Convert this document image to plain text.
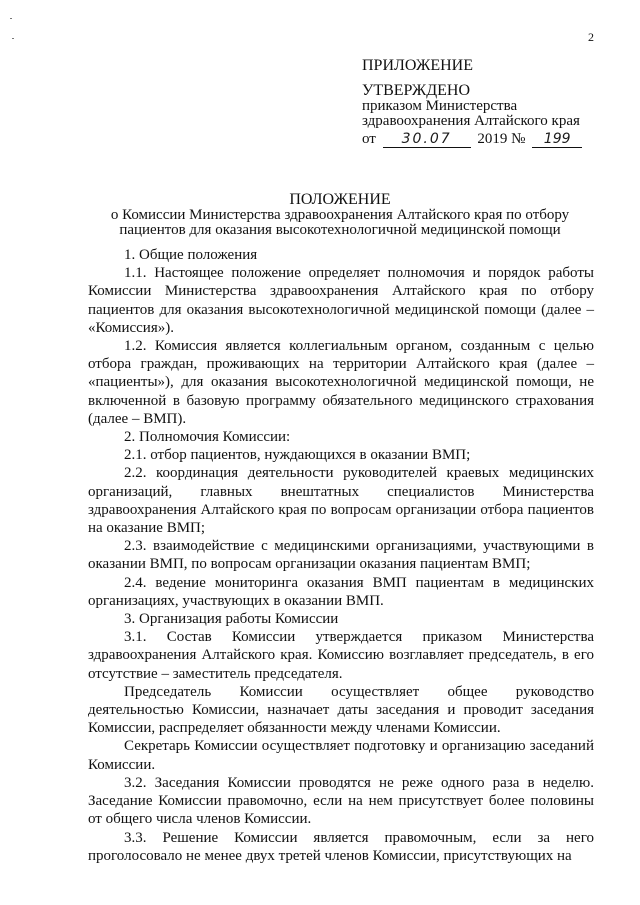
2
ПРИЛОЖЕНИЕ
УТВЕРЖДЕНО
приказом Министерства
здравоохранения Алтайского края
от 30.07 2019 № 199
ПОЛОЖЕНИЕ
о Комиссии Министерства здравоохранения Алтайского края по отбору
пациентов для оказания высокотехнологичной медицинской помощи

1. Общие положения

1.1. Настоящее положение определяет полномочия и порядок работы Комиссии Министерства здравоохранения Алтайского края по отбору пациентов для оказания высокотехнологичной медицинской помощи (далее – «Комиссия»).

1.2. Комиссия является коллегиальным органом, созданным с целью отбора граждан, проживающих на территории Алтайского края (далее – «пациенты»), для оказания высокотехнологичной медицинской помощи, не включенной в базовую программу обязательного медицинского страхования (далее – ВМП).

2. Полномочия Комиссии:

2.1. отбор пациентов, нуждающихся в оказании ВМП;

2.2. координация деятельности руководителей краевых медицинских организаций, главных внештатных специалистов Министерства здравоохранения Алтайского края по вопросам организации отбора пациентов на оказание ВМП;

2.3. взаимодействие с медицинскими организациями, участвующими в оказании ВМП, по вопросам организации оказания пациентам ВМП;

2.4. ведение мониторинга оказания ВМП пациентам в медицинских организациях, участвующих в оказании ВМП.

3. Организация работы Комиссии

3.1. Состав Комиссии утверждается приказом Министерства здравоохранения Алтайского края. Комиссию возглавляет председатель, в его отсутствие – заместитель председателя.

Председатель Комиссии осуществляет общее руководство деятельностью Комиссии, назначает даты заседания и проводит заседания Комиссии, распределяет обязанности между членами Комиссии.

Секретарь Комиссии осуществляет подготовку и организацию заседаний Комиссии.

3.2. Заседания Комиссии проводятся не реже одного раза в неделю. Заседание Комиссии правомочно, если на нем присутствует более половины от общего числа членов Комиссии.

3.3. Решение Комиссии является правомочным, если за него проголосовало не менее двух третей членов Комиссии, присутствующих на
